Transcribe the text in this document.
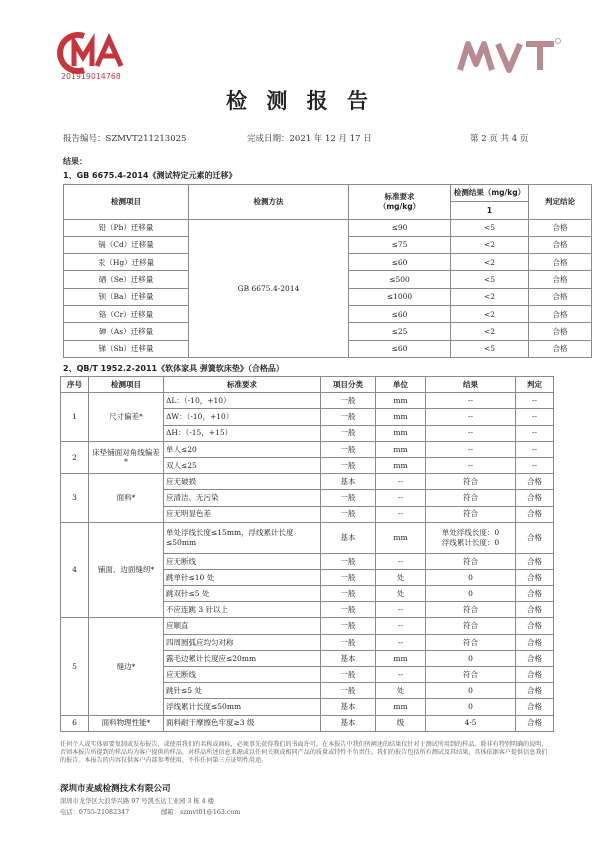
201919014768
检 测 报 告
报告编号：SZMVT211213025	完成日期：2021 年 12 月 17 日	第 2 页 共 4 页
结果：
1、GB 6675.4-2014《测试特定元素的迁移》
检测项目	检测方法	标准要求
（mg/kg）	检测结果（mg/kg）	判定结论
			1	
铅（Pb）迁移量	GB 6675.4-2014	≤90	<5	合格
镉（Cd）迁移量		≤75	<2	合格
汞（Hg）迁移量		≤60	<2	合格
硒（Se）迁移量		≤500	<5	合格
钡（Ba）迁移量		≤1000	<2	合格
铬（Cr）迁移量		≤60	<2	合格
砷（As）迁移量		≤25	<2	合格
锑（Sb）迁移量		≤60	<5	合格
2、QB/T 1952.2-2011《软体家具 弹簧软床垫》（合格品）
序号	检测项目	标准要求	项目分类	单位	结果	判定
1	尺寸偏差*	ΔL：（-10，+10）	一般	mm	--	--
		ΔW：（-10，+10）	一般	mm	--	--
		ΔH：（-15，+15）	一般	mm	--	--
2	床垫铺面对角线偏差*	单人≤20	一般	mm	--	--
		双人≤25	一般	mm	--	--
3	面料*	应无破损	基本	--	符合	合格
		应清洁、无污染	一般	--	符合	合格
		应无明显色差	一般	--	符合	合格
4	铺面、边面缝纫*	单处浮线长度≤15mm，浮线累计长度≤50mm	基本	mm	单处浮线长度：0
浮线累计长度：0	合格
		应无断线	一般	--	符合	合格
		跳单针≤10 处	一般	处	0	合格
		跳双针≤5 处	一般	处	0	合格
		不应连跳 3 针以上	一般	--	符合	合格
5	缝边*	应顺直	一般	--	符合	合格
		四周圆弧应均匀对称	一般	--	符合	合格
		露毛边累计长度应≤20mm	基本	mm	0	合格
		应无断线	一般	--	符合	合格
		跳针≤5 处	一般	处	0	合格
		浮线累计长度≤50mm	基本	mm	0	合格
6	面料物理性能*	面料耐干摩擦色牢度≥3 级	基本	级	4-5	合格
任何个人或实体如要复制或发布报告，或使用我们的名称或商标，必须事先获得我们的书面许可。在本报告中我们所阐述的结果仅针对于测试所用到的样品。除非有特别明确的说明，否则本报告所提到的样品均为客户提供的样品，对样品所述信息来源或以任何关联或相同产品的质量或特性不负责任。我们的报告包括所有测试及其结果，具体依据客户提供信息我们的报告。本报告的内容仅供客户内部参考使用，不作任何第三方证明性用途。
深圳市麦威检测技术有限公司
深圳市龙华区大浪华兴路 97 号凯杰达工业园 3 栋 4 楼
电话：0755-21082347	邮箱：szmvt01@163.com
